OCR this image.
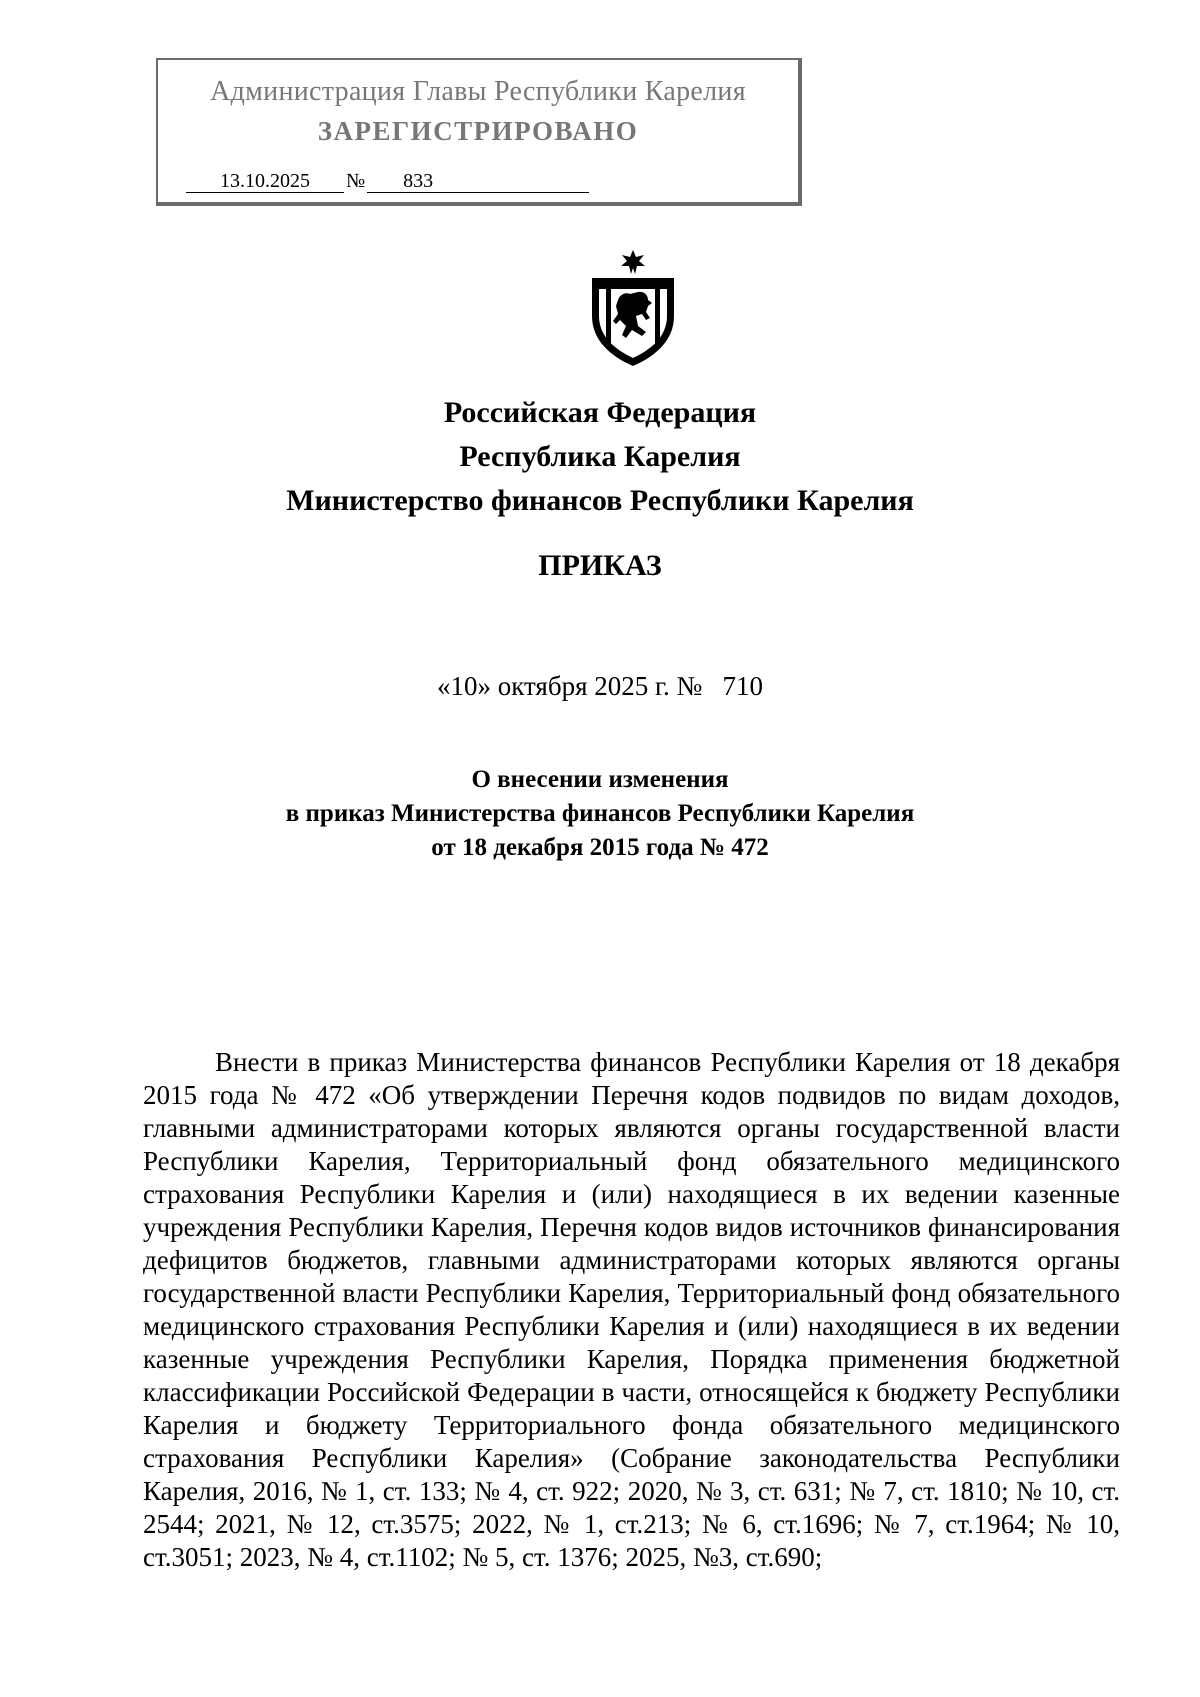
Администрация Главы Республики Карелия
ЗАРЕГИСТРИРОВАНО
13.10.2025 № 833
Российская Федерация
Республика Карелия
Министерство финансов Республики Карелия
ПРИКАЗ
«10» октября 2025 г. №   710
О внесении изменения
в приказ Министерства финансов Республики Карелия
от 18 декабря 2015 года № 472

Внести в приказ Министерства финансов Республики Карелия от 18 декабря 2015 года № 472 «Об утверждении Перечня кодов подвидов по видам доходов, главными администраторами которых являются органы государственной власти Республики Карелия, Территориальный фонд обязательного медицинского страхования Республики Карелия и (или) находящиеся в их ведении казенные учреждения Республики Карелия, Перечня кодов видов источников финансирования дефицитов бюджетов, главными администраторами которых являются органы государственной власти Республики Карелия, Территориальный фонд обязательного медицинского страхования Республики Карелия и (или) находящиеся в их ведении казенные учреждения Республики Карелия, Порядка применения бюджетной классификации Российской Федерации в части, относящейся к бюджету Республики Карелия и бюджету Территориального фонда обязательного медицинского страхования Республики Карелия» (Собрание законодательства Республики Карелия, 2016, № 1, ст. 133; № 4, ст. 922; 2020, № 3, ст. 631; № 7, ст. 1810; № 10, ст. 2544; 2021, № 12, ст.3575; 2022, № 1, ст.213; № 6, ст.1696; № 7, ст.1964; № 10, ст.3051; 2023, № 4, ст.1102; № 5, ст. 1376; 2025, №3, ст.690;
